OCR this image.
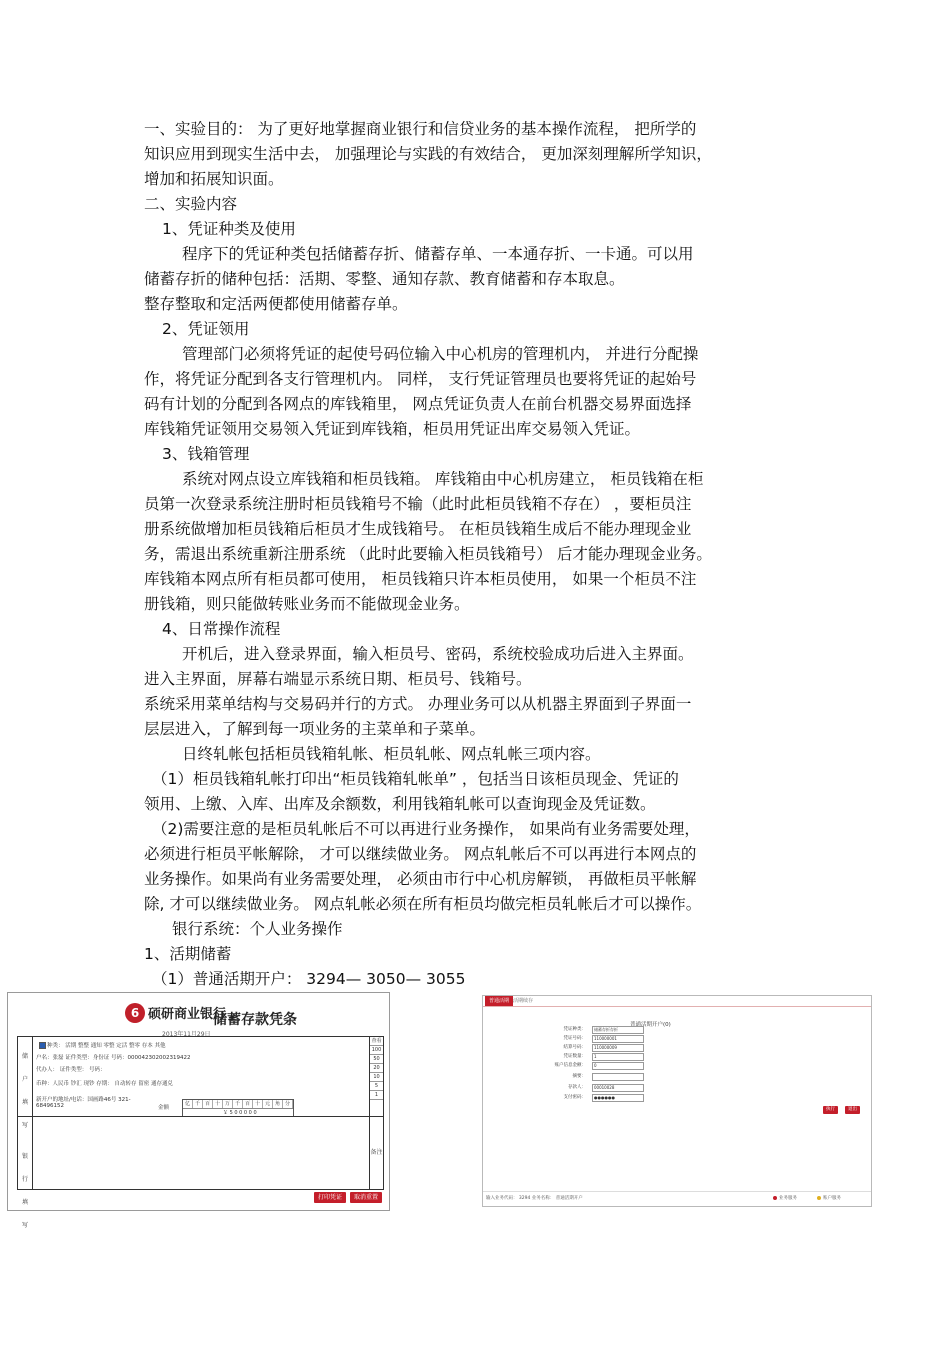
一、实验目的： 为了更好地掌握商业银行和信贷业务的基本操作流程， 把所学的

知识应用到现实生活中去， 加强理论与实践的有效结合， 更加深刻理解所学知识，

增加和拓展知识面。

二、实验内容

1、凭证种类及使用

程序下的凭证种类包括储蓄存折、储蓄存单、一本通存折、一卡通。可以用

储蓄存折的储种包括：活期、零整、通知存款、教育储蓄和存本取息。

整存整取和定活两便都使用储蓄存单。

2、凭证领用

管理部门必须将凭证的起使号码位输入中心机房的管理机内， 并进行分配操

作，将凭证分配到各支行管理机内。 同样， 支行凭证管理员也要将凭证的起始号

码有计划的分配到各网点的库钱箱里， 网点凭证负责人在前台机器交易界面选择

库钱箱凭证领用交易领入凭证到库钱箱，柜员用凭证出库交易领入凭证。

3、钱箱管理

系统对网点设立库钱箱和柜员钱箱。 库钱箱由中心机房建立， 柜员钱箱在柜

员第一次登录系统注册时柜员钱箱号不输（此时此柜员钱箱不存在） ，要柜员注

册系统做增加柜员钱箱后柜员才生成钱箱号。 在柜员钱箱生成后不能办理现金业

务，需退出系统重新注册系统 （此时此要输入柜员钱箱号） 后才能办理现金业务。

库钱箱本网点所有柜员都可使用， 柜员钱箱只许本柜员使用， 如果一个柜员不注

册钱箱，则只能做转账业务而不能做现金业务。

4、日常操作流程

开机后，进入登录界面，输入柜员号、密码，系统校验成功后进入主界面。

进入主界面，屏幕右端显示系统日期、柜员号、钱箱号。

系统采用菜单结构与交易码并行的方式。 办理业务可以从机器主界面到子界面一

层层进入，了解到每一项业务的主菜单和子菜单。

日终轧帐包括柜员钱箱轧帐、柜员轧帐、网点轧帐三项内容。

（1）柜员钱箱轧帐打印出“柜员钱箱轧帐单” ，包括当日该柜员现金、凭证的

领用、上缴、入库、出库及余额数，利用钱箱轧帐可以查询现金及凭证数。

（2)需要注意的是柜员轧帐后不可以再进行业务操作， 如果尚有业务需要处理，

必须进行柜员平帐解除， 才可以继续做业务。 网点轧帐后不可以再进行本网点的

业务操作。如果尚有业务需要处理， 必须由市行中心机房解锁， 再做柜员平帐解

除, 才可以继续做业务。 网点轧帐必须在所有柜员均做完柜员轧帐后才可以操作。

银行系统：个人业务操作

1、活期储蓄

（1）普通活期开户： 3294— 3050— 3055

6 硕研商业银行
储蓄存款凭条
2013年11月29日
储
户
填
写
银
行
填
写
种类： 活期 整整 通知 零整 定活 整零 存本 其他
户名：张磊 证件类型：身份证 号码：000042302002319422
代办人： 证件类型： 号码：
币种：人民币 钞汇 现钞 存期： 自动转存 留密 通存通兑
新开户的地址/电话：国画路46号 321-
68496152	金额
亿 千 百 十 万 千 百 十 元 角 分
￥ 5 0 0 0 0 0
查看
100
50
20
10
5
1
备注
打印凭证	取消重置
普通活期 活期续存
普通活期开户(0)
凭证种类：	储蓄存折存折
凭证号码：	110000001
结算号码：	110000009
凭证数量：	1
账户信息金额：	0
摘要：
存款人：	00010028
支付密码：	●●●●●●
执行	退出
输入业务代码： 3294 业务名称： 普通活期开户	业务服务	账户服务
